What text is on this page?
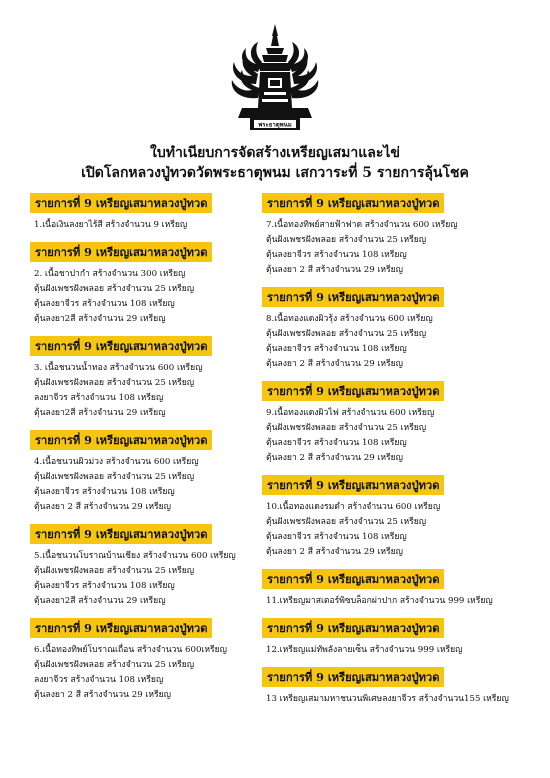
พระธาตุพนม
ใบทำเนียบการจัดสร้างเหรียญเสมาและไข่
เปิดโลกหลวงปู่ทวดวัดพระธาตุพนม เสกวาระที่ 5 รายการลุ้นโชค
รายการที่ 9 เหรียญเสมาหลวงปู่ทวด
1.เนื้อเงินลงยาไร้สี สร้างจำนวน 9 เหรียญ
รายการที่ 9 เหรียญเสมาหลวงปู่ทวด
2. เนื้อชาปากำ สร้างจำนวน 300 เหรียญ
ตุ้นฝังเพชรฝังพลอย สร้างจำนวน 25 เหรียญ
ตุ้นลงยาจีวร สร้างจำนวน 108 เหรียญ
ตุ้นลงยา2สี สร้างจำนวน 29 เหรียญ
รายการที่ 9 เหรียญเสมาหลวงปู่ทวด
3. เนื้อชนวนน้ำทอง สร้างจำนวน 600 เหรียญ
ตุ้นฝังเพชรฝังพลอย สร้างจำนวน 25 เหรียญ
ลงยาจีวร สร้างจำนวน 108 เหรียญ
ตุ้นลงยา2สี สร้างจำนวน 29 เหรียญ
รายการที่ 9 เหรียญเสมาหลวงปู่ทวด
4.เนื้อชนวนผิวม่วง สร้างจำนวน 600 เหรียญ
ตุ้นฝังเพชรฝังพลอย สร้างจำนวน 25 เหรียญ
ตุ้นลงยาจีวร สร้างจำนวน 108 เหรียญ
ตุ้นลงยา 2 สี สร้างจำนวน 29 เหรียญ
รายการที่ 9 เหรียญเสมาหลวงปู่ทวด
5.เนื้อชนวนโบราณบ้านเชียง สร้างจำนวน 600 เหรียญ
ตุ้นฝังเพชรฝังพลอย สร้างจำนวน 25 เหรียญ
ตุ้นลงยาจีวร สร้างจำนวน 108 เหรียญ
ตุ้นลงยา2สี สร้างจำนวน 29 เหรียญ
รายการที่ 9 เหรียญเสมาหลวงปู่ทวด
6.เนื้อทองทิพย์โบราณเถื่อน สร้างจำนวน 600เหรียญ
ตุ้นฝังเพชรฝังพลอย สร้างจำนวน 25 เหรียญ
ลงยาจีวร สร้างจำนวน 108 เหรียญ
ตุ้นลงยา 2 สี สร้างจำนวน 29 เหรียญ
รายการที่ 9 เหรียญเสมาหลวงปู่ทวด
7.เนื้อทองทิพย์สายฟ้าฟาด สร้างจำนวน 600 เหรียญ
ตุ้นฝังเพชรฝังพลอย สร้างจำนวน 25 เหรียญ
ตุ้นลงยาจีวร สร้างจำนวน 108 เหรียญ
ตุ้นลงยา 2 สี สร้างจำนวน 29 เหรียญ
รายการที่ 9 เหรียญเสมาหลวงปู่ทวด
8.เนื้อทองแดงผิวรุ้ง สร้างจำนวน 600 เหรียญ
ตุ้นฝังเพชรฝังพลอย สร้างจำนวน 25 เหรียญ
ตุ้นลงยาจีวร สร้างจำนวน 108 เหรียญ
ตุ้นลงยา 2 สี สร้างจำนวน 29 เหรียญ
รายการที่ 9 เหรียญเสมาหลวงปู่ทวด
9.เนื้อทองแดงผิวไฟ สร้างจำนวน 600 เหรียญ
ตุ้นฝังเพชรฝังพลอย สร้างจำนวน 25 เหรียญ
ตุ้นลงยาจีวร สร้างจำนวน 108 เหรียญ
ตุ้นลงยา 2 สี สร้างจำนวน 29 เหรียญ
รายการที่ 9 เหรียญเสมาหลวงปู่ทวด
10.เนื้อทองแดงรมดำ สร้างจำนวน 600 เหรียญ
ตุ้นฝังเพชรฝังพลอย สร้างจำนวน 25 เหรียญ
ตุ้นลงยาจีวร สร้างจำนวน 108 เหรียญ
ตุ้นลงยา 2 สี สร้างจำนวน 29 เหรียญ
รายการที่ 9 เหรียญเสมาหลวงปู่ทวด
11.เหรียญมาสเตอร์พิซบล็อกผ่าปาก สร้างจำนวน 999 เหรียญ
รายการที่ 9 เหรียญเสมาหลวงปู่ทวด
12.เหรียญแม่ทัพลังลายเซ็น สร้างจำนวน 999 เหรียญ
รายการที่ 9 เหรียญเสมาหลวงปู่ทวด
13 เหรียญเสมามหาชนวนพิเศษลงยาจีวร สร้างจำนวน155 เหรียญ
